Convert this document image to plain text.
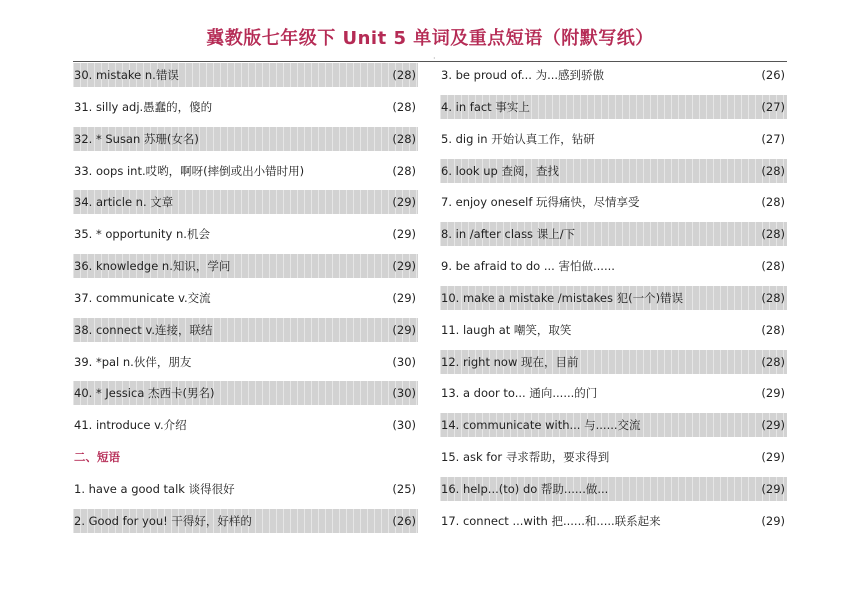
冀教版七年级下 Unit 5 单词及重点短语（附默写纸）
·
30. mistake n.错误	(28)
31. silly adj.愚蠢的，傻的	(28)
32. * Susan 苏珊(女名)	(28)
33. oops int.哎哟，啊呀(摔倒或出小错时用)	(28)
34. article n. 文章	(29)
35. * opportunity n.机会	(29)
36. knowledge n.知识，学问	(29)
37. communicate v.交流	(29)
38. connect v.连接，联结	(29)
39. *pal n.伙伴，朋友	(30)
40. * Jessica 杰西卡(男名)	(30)
41. introduce v.介绍	(30)
二、短语
1. have a good talk 谈得很好	(25)
2. Good for you! 干得好，好样的	(26)
3. be proud of... 为...感到骄傲	(26)
4. in fact 事实上	(27)
5. dig in 开始认真工作，钻研	(27)
6. look up 查阅，查找	(28)
7. enjoy oneself 玩得痛快，尽情享受	(28)
8. in /after class 课上/下	(28)
9. be afraid to do ... 害怕做......	(28)
10. make a mistake /mistakes 犯(一个)错误	(28)
11. laugh at 嘲笑，取笑	(28)
12. right now 现在，目前	(28)
13. a door to... 通向......的门	(29)
14. communicate with... 与......交流	(29)
15. ask for 寻求帮助，要求得到	(29)
16. help...(to) do 帮助......做...	(29)
17. connect ...with 把......和.....联系起来	(29)
